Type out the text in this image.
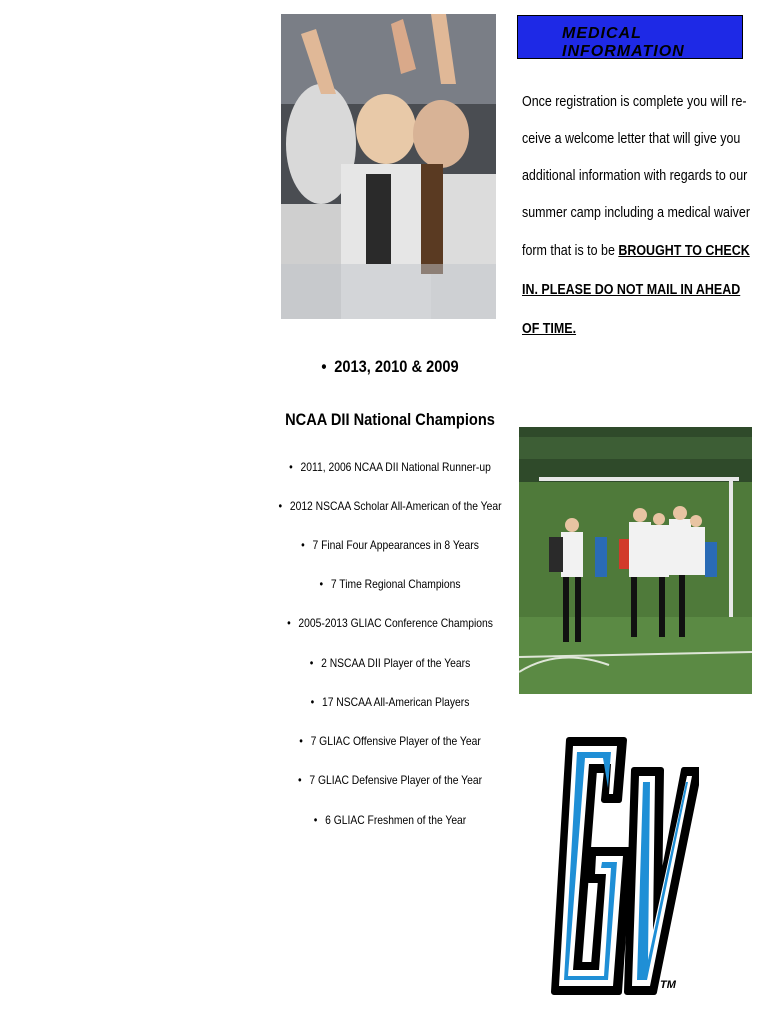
MEDICAL INFORMATION
Once registration is complete you will re-
ceive a welcome letter that will give you
additional information with regards to our
summer camp including a medical waiver
form that is to be BROUGHT TO CHECK
IN. PLEASE DO NOT MAIL IN AHEAD
OF TIME.
• 2013, 2010 & 2009
NCAA DII National Champions
• 2011, 2006 NCAA DII National Runner-up
• 2012 NSCAA Scholar All-American of the Year
• 7 Final Four Appearances in 8 Years
• 7 Time Regional Champions
• 2005-2013 GLIAC Conference Champions
• 2 NSCAA DII Player of the Years
• 17 NSCAA All-American Players
• 7 GLIAC Offensive Player of the Year
• 7 GLIAC Defensive Player of the Year
• 6 GLIAC Freshmen of the Year
TM
